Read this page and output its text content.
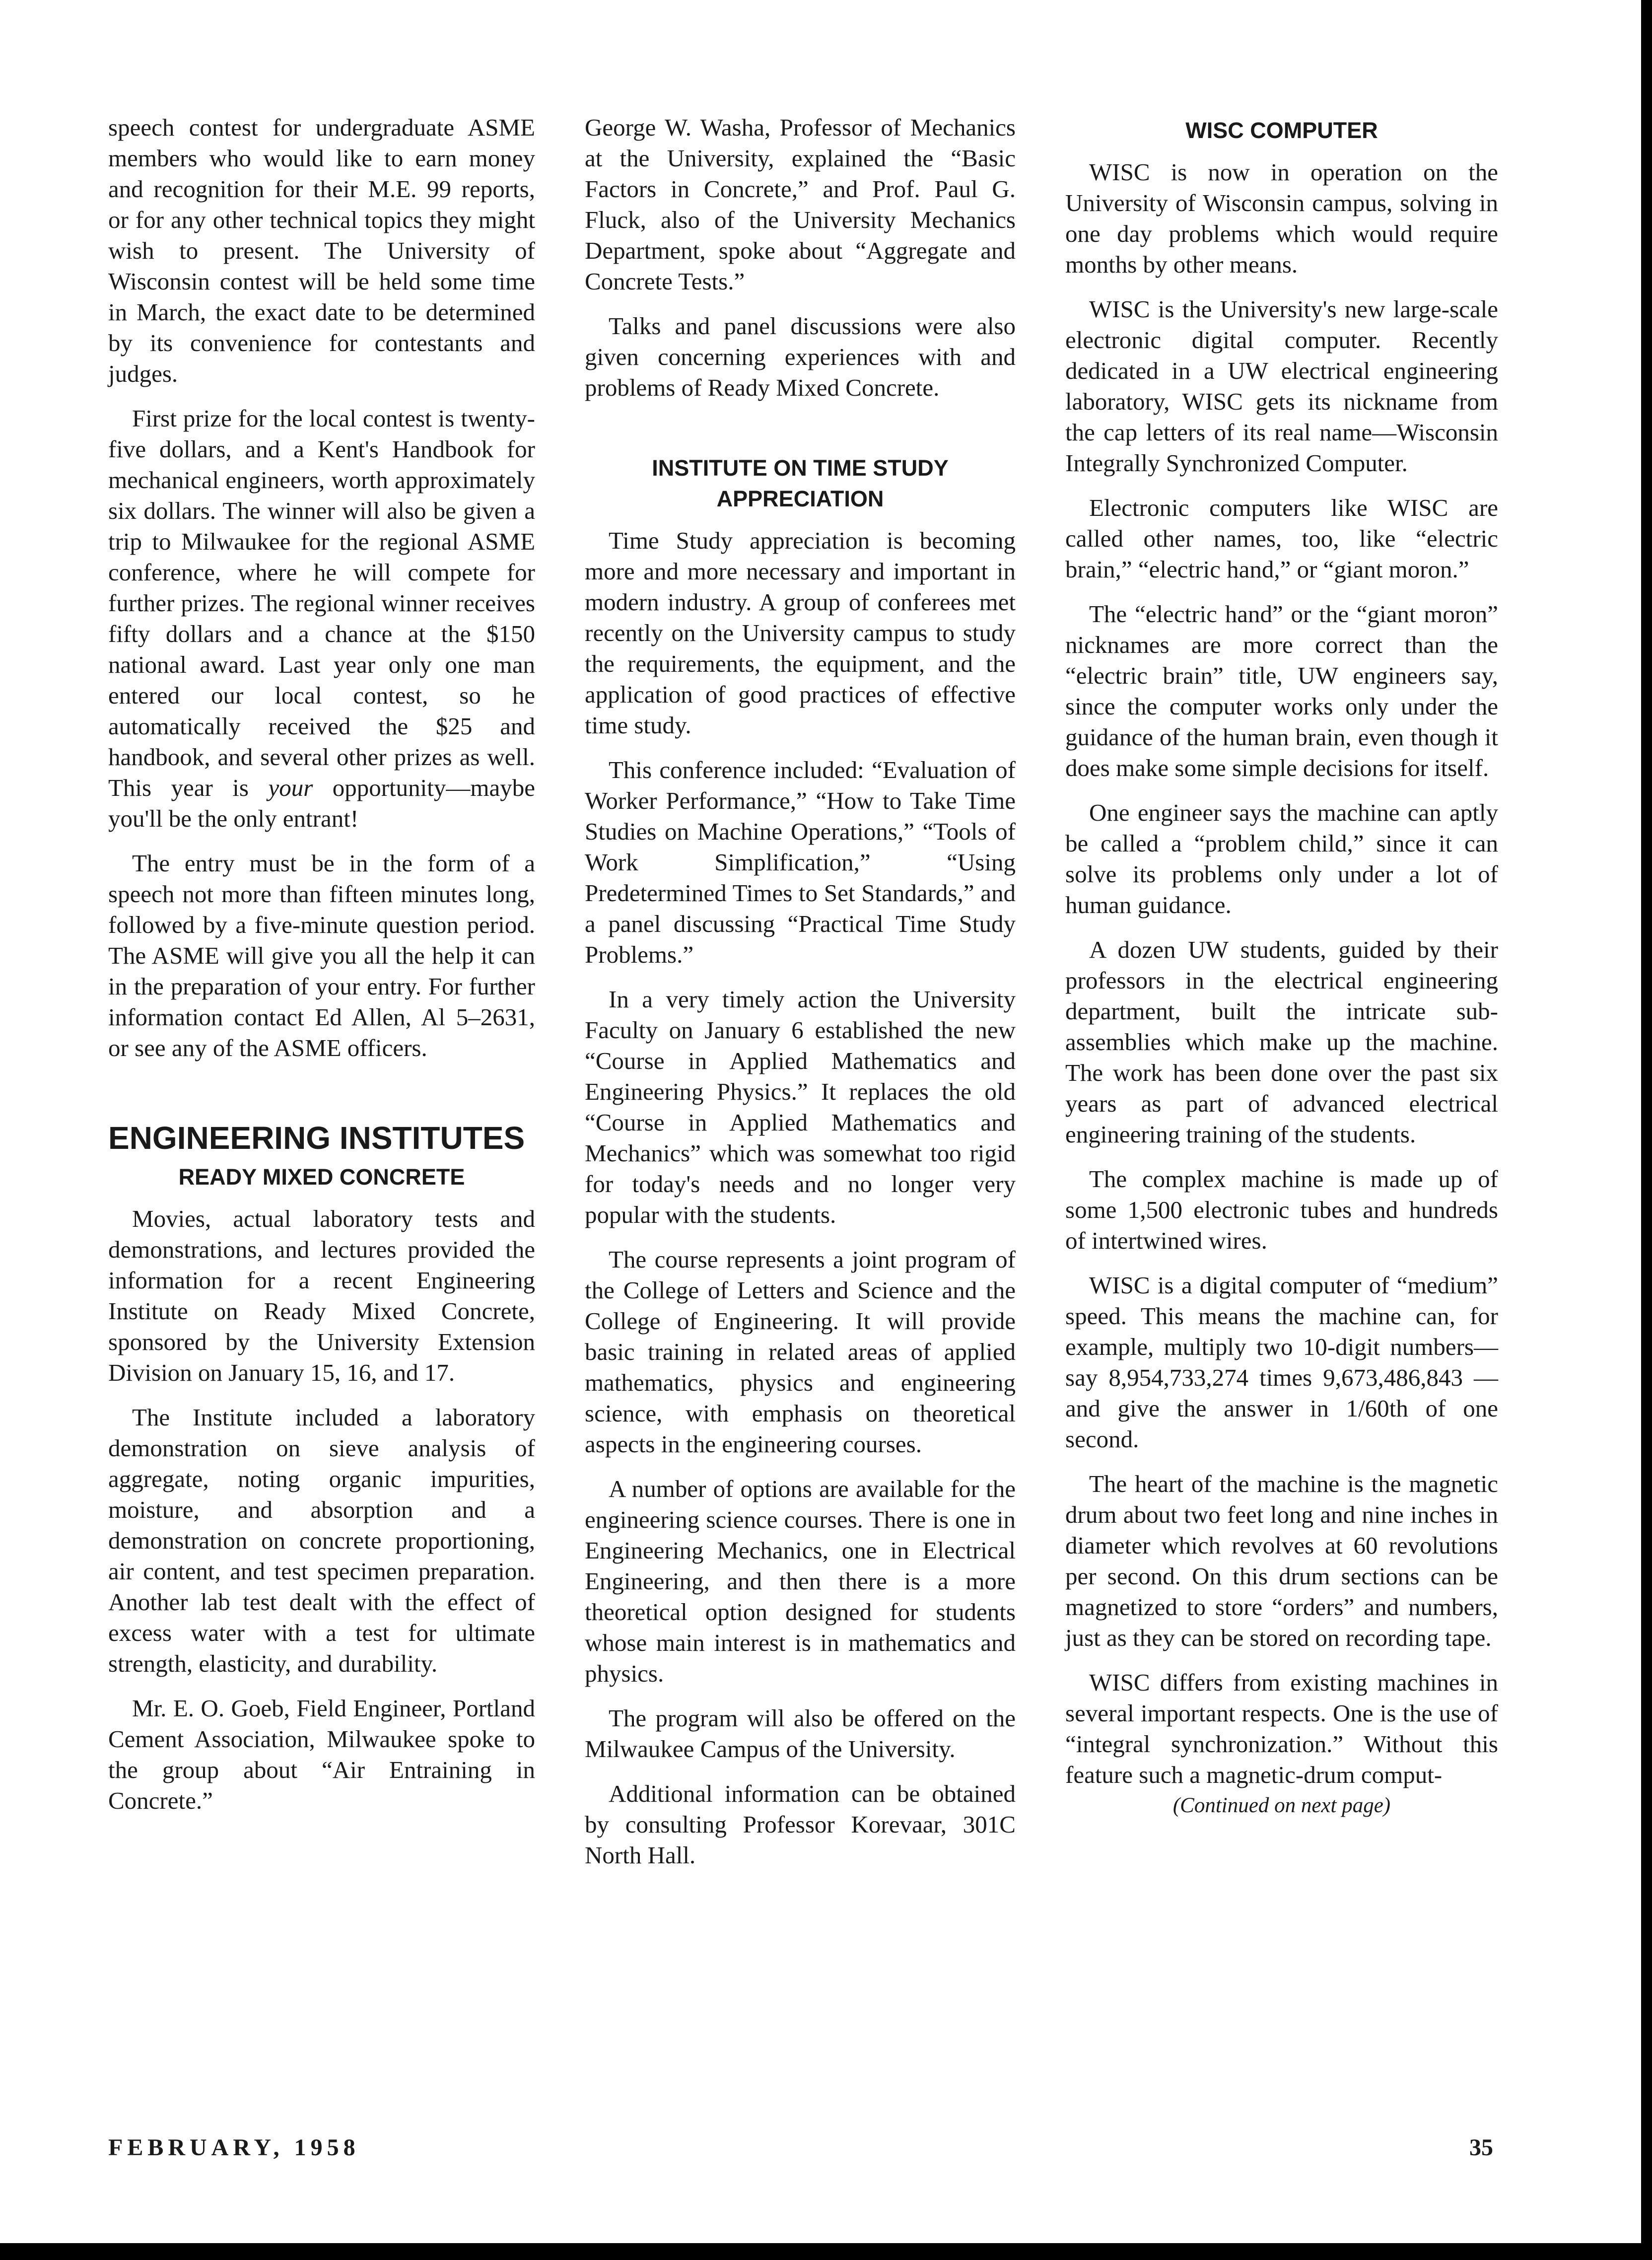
speech contest for undergraduate ASME members who would like to earn money and recognition for their M.E. 99 reports, or for any other technical topics they might wish to present. The University of Wisconsin contest will be held some time in March, the exact date to be determined by its convenience for contestants and judges.

First prize for the local contest is twenty-five dollars, and a Kent's Handbook for mechanical engineers, worth approximately six dollars. The winner will also be given a trip to Milwaukee for the regional ASME conference, where he will compete for further prizes. The regional winner receives fifty dollars and a chance at the $150 national award. Last year only one man entered our local contest, so he automatically received the $25 and handbook, and several other prizes as well. This year is your opportunity—maybe you'll be the only entrant!

The entry must be in the form of a speech not more than fifteen minutes long, followed by a five-minute question period. The ASME will give you all the help it can in the preparation of your entry. For further information contact Ed Allen, Al 5–2631, or see any of the ASME officers.

ENGINEERING INSTITUTES
READY MIXED CONCRETE

Movies, actual laboratory tests and demonstrations, and lectures provided the information for a recent Engineering Institute on Ready Mixed Concrete, sponsored by the University Extension Division on January 15, 16, and 17.

The Institute included a laboratory demonstration on sieve analysis of aggregate, noting organic impurities, moisture, and absorption and a demonstration on concrete proportioning, air content, and test specimen preparation. Another lab test dealt with the effect of excess water with a test for ultimate strength, elasticity, and durability.

Mr. E. O. Goeb, Field Engineer, Portland Cement Association, Milwaukee spoke to the group about “Air Entraining in Concrete.”

George W. Washa, Professor of Mechanics at the University, explained the “Basic Factors in Concrete,” and Prof. Paul G. Fluck, also of the University Mechanics Department, spoke about “Aggregate and Concrete Tests.”

Talks and panel discussions were also given concerning experiences with and problems of Ready Mixed Concrete.

INSTITUTE ON TIME STUDY APPRECIATION

Time Study appreciation is becoming more and more necessary and important in modern industry. A group of conferees met recently on the University campus to study the requirements, the equipment, and the application of good practices of effective time study.

This conference included: “Evaluation of Worker Performance,” “How to Take Time Studies on Machine Operations,” “Tools of Work Simplification,” “Using Predetermined Times to Set Standards,” and a panel discussing “Practical Time Study Problems.”

In a very timely action the University Faculty on January 6 established the new “Course in Applied Mathematics and Engineering Physics.” It replaces the old “Course in Applied Mathematics and Mechanics” which was somewhat too rigid for today's needs and no longer very popular with the students.

The course represents a joint program of the College of Letters and Science and the College of Engineering. It will provide basic training in related areas of applied mathematics, physics and engineering science, with emphasis on theoretical aspects in the engineering courses.

A number of options are available for the engineering science courses. There is one in Engineering Mechanics, one in Electrical Engineering, and then there is a more theoretical option designed for students whose main interest is in mathematics and physics.

The program will also be offered on the Milwaukee Campus of the University.

Additional information can be obtained by consulting Professor Korevaar, 301C North Hall.

WISC COMPUTER

WISC is now in operation on the University of Wisconsin campus, solving in one day problems which would require months by other means.

WISC is the University's new large-scale electronic digital computer. Recently dedicated in a UW electrical engineering laboratory, WISC gets its nickname from the cap letters of its real name—Wisconsin Integrally Synchronized Computer.

Electronic computers like WISC are called other names, too, like “electric brain,” “electric hand,” or “giant moron.”

The “electric hand” or the “giant moron” nicknames are more correct than the “electric brain” title, UW engineers say, since the computer works only under the guidance of the human brain, even though it does make some simple decisions for itself.

One engineer says the machine can aptly be called a “problem child,” since it can solve its problems only under a lot of human guidance.

A dozen UW students, guided by their professors in the electrical engineering department, built the intricate sub-assemblies which make up the machine. The work has been done over the past six years as part of advanced electrical engineering training of the students.

The complex machine is made up of some 1,500 electronic tubes and hundreds of intertwined wires.

WISC is a digital computer of “medium” speed. This means the machine can, for example, multiply two 10-digit numbers—say 8,954,733,274 times 9,673,486,843 — and give the answer in 1/60th of one second.

The heart of the machine is the magnetic drum about two feet long and nine inches in diameter which revolves at 60 revolutions per second. On this drum sections can be magnetized to store “orders” and numbers, just as they can be stored on recording tape.

WISC differs from existing machines in several important respects. One is the use of “integral synchronization.” Without this feature such a magnetic-drum comput-

(Continued on next page)
FEBRUARY, 1958	35
